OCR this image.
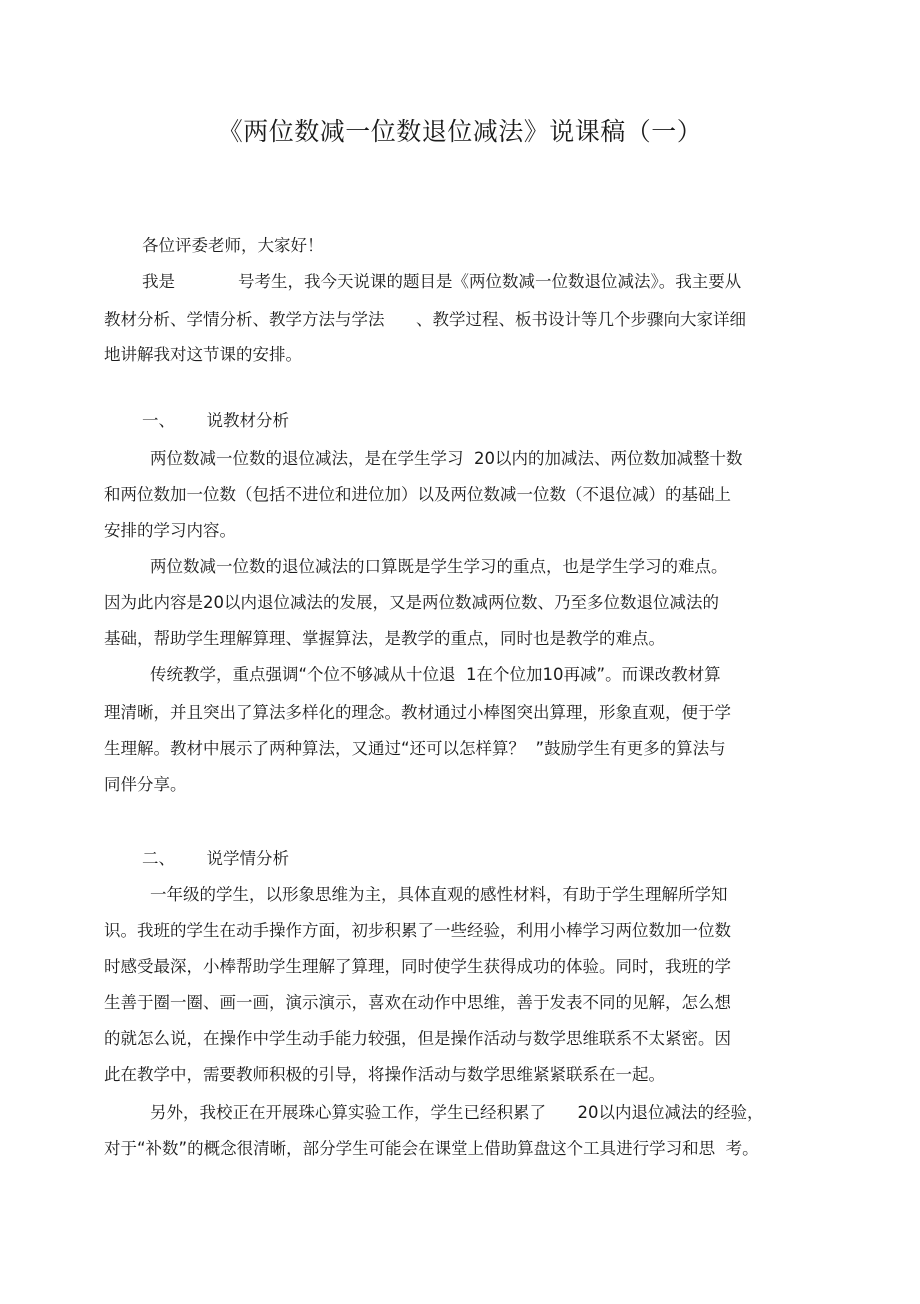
《两位数减一位数退位减法》说课稿（一）
各位评委老师，大家好！
我是            号考生，我今天说课的题目是《两位数减一位数退位减法》。我主要从
教材分析、学情分析、教学方法与学法      、教学过程、板书设计等几个步骤向大家详细
地讲解我对这节课的安排。
一、      说教材分析
两位数减一位数的退位减法，是在学生学习  20以内的加减法、两位数加减整十数
和两位数加一位数（包括不进位和进位加）以及两位数减一位数（不退位减）的基础上
安排的学习内容。
两位数减一位数的退位减法的口算既是学生学习的重点，也是学生学习的难点。
因为此内容是20以内退位减法的发展，又是两位数减两位数、乃至多位数退位减法的
基础，帮助学生理解算理、掌握算法，是教学的重点，同时也是教学的难点。
传统教学，重点强调“个位不够减从十位退  1在个位加10再减”。而课改教材算
理清晰，并且突出了算法多样化的理念。教材通过小棒图突出算理，形象直观，便于学
生理解。教材中展示了两种算法，又通过“还可以怎样算？  ”鼓励学生有更多的算法与
同伴分享。
二、      说学情分析
一年级的学生，以形象思维为主，具体直观的感性材料，有助于学生理解所学知
识。我班的学生在动手操作方面，初步积累了一些经验，利用小棒学习两位数加一位数
时感受最深，小棒帮助学生理解了算理，同时使学生获得成功的体验。同时，我班的学
生善于圈一圈、画一画，演示演示，喜欢在动作中思维，善于发表不同的见解，怎么想
的就怎么说，在操作中学生动手能力较强，但是操作活动与数学思维联系不太紧密。因
此在教学中，需要教师积极的引导，将操作活动与数学思维紧紧联系在一起。
另外，我校正在开展珠心算实验工作，学生已经积累了      20以内退位减法的经验，
对于“补数”的概念很清晰，部分学生可能会在课堂上借助算盘这个工具进行学习和思  考。
